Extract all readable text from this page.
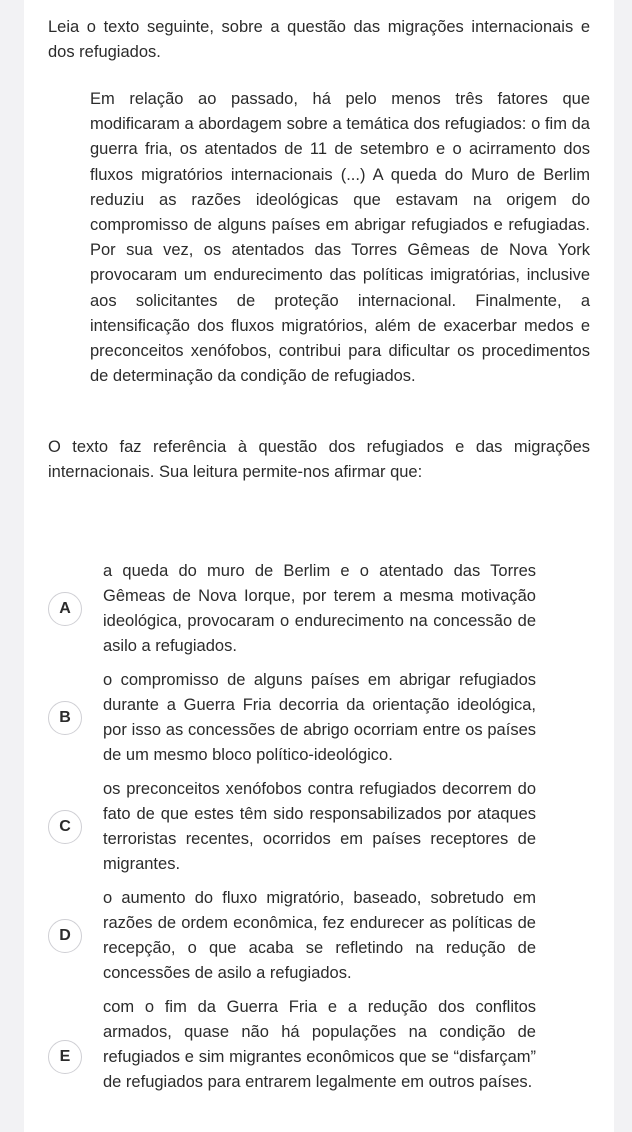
Leia o texto seguinte, sobre a questão das migrações internacionais e dos refugiados.

Em relação ao passado, há pelo menos três fatores que modificaram a abordagem sobre a temática dos refugiados: o fim da guerra fria, os atentados de 11 de setembro e o acirramento dos fluxos migratórios internacionais (...) A queda do Muro de Berlim reduziu as razões ideológicas que estavam na origem do compromisso de alguns países em abrigar refugiados e refugiadas. Por sua vez, os atentados das Torres Gêmeas de Nova York provocaram um endurecimento das políticas imigratórias, inclusive aos solicitantes de proteção internacional. Finalmente, a intensificação dos fluxos migratórios, além de exacerbar medos e preconceitos xenófobos, contribui para dificultar os procedimentos de determinação da condição de refugiados.

O texto faz referência à questão dos refugiados e das migrações internacionais. Sua leitura permite-nos afirmar que:

A

a queda do muro de Berlim e o atentado das Torres Gêmeas de Nova Iorque, por terem a mesma motivação ideológica, provocaram o endurecimento na concessão de asilo a refugiados.

B

o compromisso de alguns países em abrigar refugiados durante a Guerra Fria decorria da orientação ideológica, por isso as concessões de abrigo ocorriam entre os países de um mesmo bloco político-ideológico.

C

os preconceitos xenófobos contra refugiados decorrem do fato de que estes têm sido responsabilizados por ataques terroristas recentes, ocorridos em países receptores de migrantes.

D

o aumento do fluxo migratório, baseado, sobretudo em razões de ordem econômica, fez endurecer as políticas de recepção, o que acaba se refletindo na redução de concessões de asilo a refugiados.

E

com o fim da Guerra Fria e a redução dos conflitos armados, quase não há populações na condição de refugiados e sim migrantes econômicos que se “disfarçam” de refugiados para entrarem legalmente em outros países.
